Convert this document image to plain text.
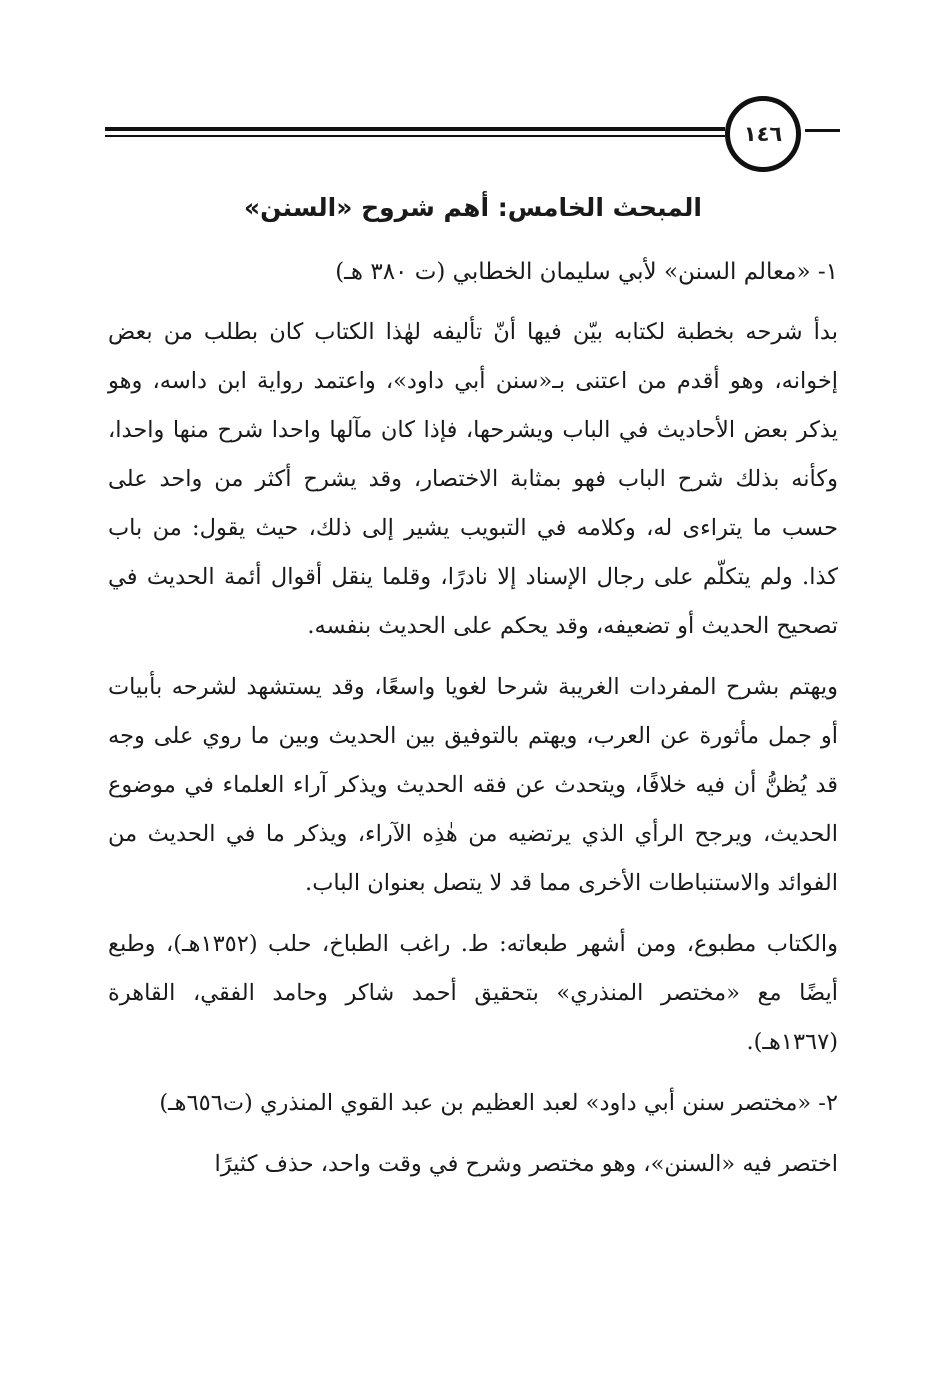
١٤٦
المبحث الخامس: أهم شروح «السنن»
١- «معالم السنن» لأبي سليمان الخطابي (ت ٣٨٠ هـ)

بدأ شرحه بخطبة لكتابه بيّن فيها أنّ تأليفه لهٰذا الكتاب كان بطلب من بعض إخوانه، وهو أقدم من اعتنى بـ«سنن أبي داود»، واعتمد رواية ابن داسه، وهو يذكر بعض الأحاديث في الباب ويشرحها، فإذا كان مآلها واحدا شرح منها واحدا، وكأنه بذلك شرح الباب فهو بمثابة الاختصار، وقد يشرح أكثر من واحد على حسب ما يتراءى له، وكلامه في التبويب يشير إلى ذلك، حيث يقول: من باب كذا. ولم يتكلّم على رجال الإسناد إلا نادرًا، وقلما ينقل أقوال أئمة الحديث في تصحيح الحديث أو تضعيفه، وقد يحكم على الحديث بنفسه.

ويهتم بشرح المفردات الغريبة شرحا لغويا واسعًا، وقد يستشهد لشرحه بأبيات أو جمل مأثورة عن العرب، ويهتم بالتوفيق بين الحديث وبين ما روي على وجه قد يُظنُّ أن فيه خلافًا، ويتحدث عن فقه الحديث ويذكر آراء العلماء في موضوع الحديث، ويرجح الرأي الذي يرتضيه من هٰذِه الآراء، ويذكر ما في الحديث من الفوائد والاستنباطات الأخرى مما قد لا يتصل بعنوان الباب.

والكتاب مطبوع، ومن أشهر طبعاته: ط. راغب الطباخ، حلب (١٣٥٢هـ)، وطبع أيضًا مع «مختصر المنذري» بتحقيق أحمد شاكر وحامد الفقي، القاهرة (١٣٦٧هـ).

٢- «مختصر سنن أبي داود» لعبد العظيم بن عبد القوي المنذري (ت٦٥٦هـ)

اختصر فيه «السنن»، وهو مختصر وشرح في وقت واحد، حذف كثيرًا
